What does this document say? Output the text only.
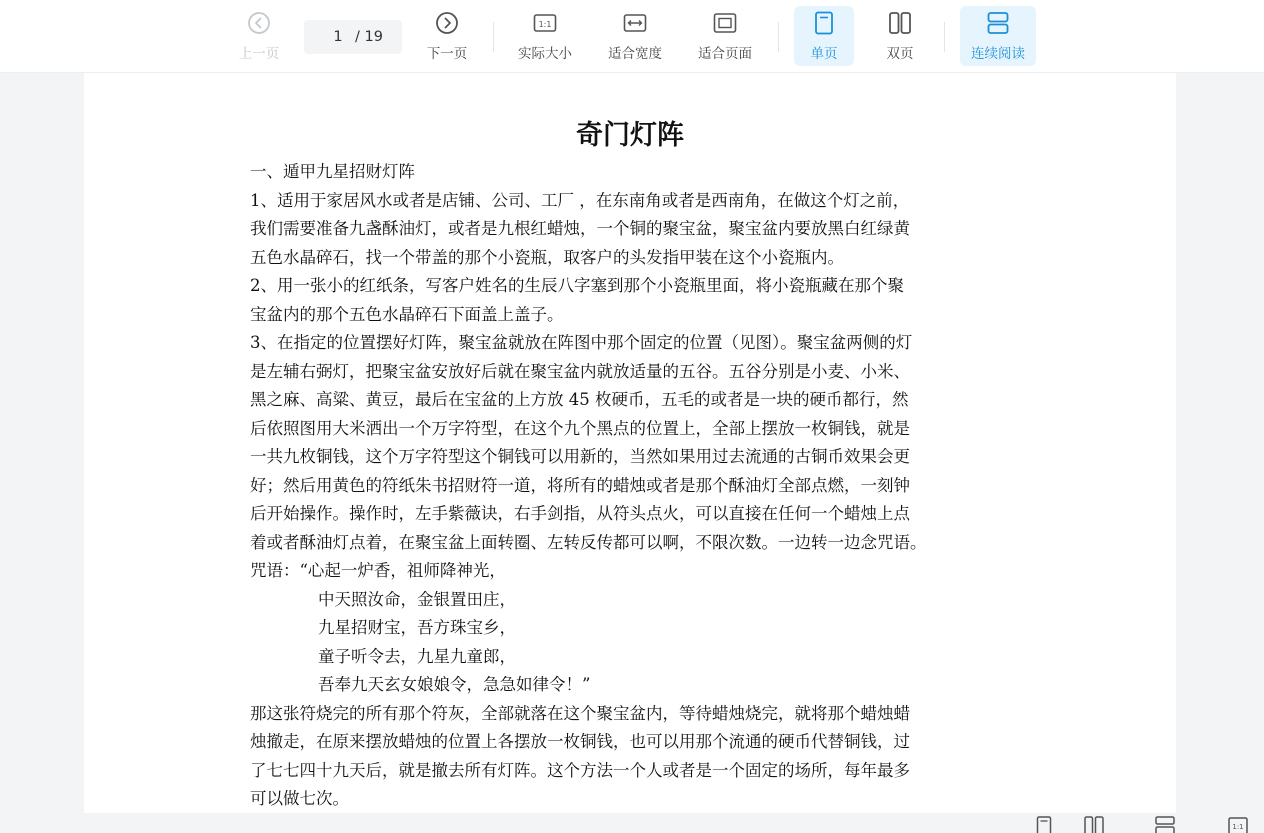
上一页
1
/ 19
下一页
1:1
实际大小	适合宽度	适合页面	单页	双页	连续阅读
奇门灯阵

一、遁甲九星招财灯阵

1、适用于家居风水或者是店铺、公司、工厂 ，在东南角或者是西南角，在做这个灯之前，

我们需要准备九盏酥油灯，或者是九根红蜡烛，一个铜的聚宝盆，聚宝盆内要放黑白红绿黄

五色水晶碎石，找一个带盖的那个小瓷瓶，取客户的头发指甲装在这个小瓷瓶内。

2、用一张小的红纸条，写客户姓名的生辰八字塞到那个小瓷瓶里面，将小瓷瓶藏在那个聚

宝盆内的那个五色水晶碎石下面盖上盖子。

3、在指定的位置摆好灯阵，聚宝盆就放在阵图中那个固定的位置（见图）。聚宝盆两侧的灯

是左辅右弼灯，把聚宝盆安放好后就在聚宝盆内就放适量的五谷。五谷分别是小麦、小米、

黑之麻、高粱、黄豆，最后在宝盆的上方放 45 枚硬币，五毛的或者是一块的硬币都行，然

后依照图用大米洒出一个万字符型，在这个九个黑点的位置上，全部上摆放一枚铜钱，就是

一共九枚铜钱，这个万字符型这个铜钱可以用新的，当然如果用过去流通的古铜币效果会更

好；然后用黄色的符纸朱书招财符一道，将所有的蜡烛或者是那个酥油灯全部点燃，一刻钟

后开始操作。操作时，左手紫薇诀，右手剑指，从符头点火，可以直接在任何一个蜡烛上点

着或者酥油灯点着，在聚宝盆上面转圈、左转反传都可以啊，不限次数。一边转一边念咒语。

咒语：“心起一炉香，祖师降神光，

中天照汝命，金银置田庄，

九星招财宝，吾方珠宝乡，

童子听令去，九星九童郎，

吾奉九天玄女娘娘令，急急如律令！”

那这张符烧完的所有那个符灰，全部就落在这个聚宝盆内，等待蜡烛烧完，就将那个蜡烛蜡

烛撤走，在原来摆放蜡烛的位置上各摆放一枚铜钱，也可以用那个流通的硬币代替铜钱，过

了七七四十九天后，就是撤去所有灯阵。这个方法一个人或者是一个固定的场所，每年最多

可以做七次。

1:1
